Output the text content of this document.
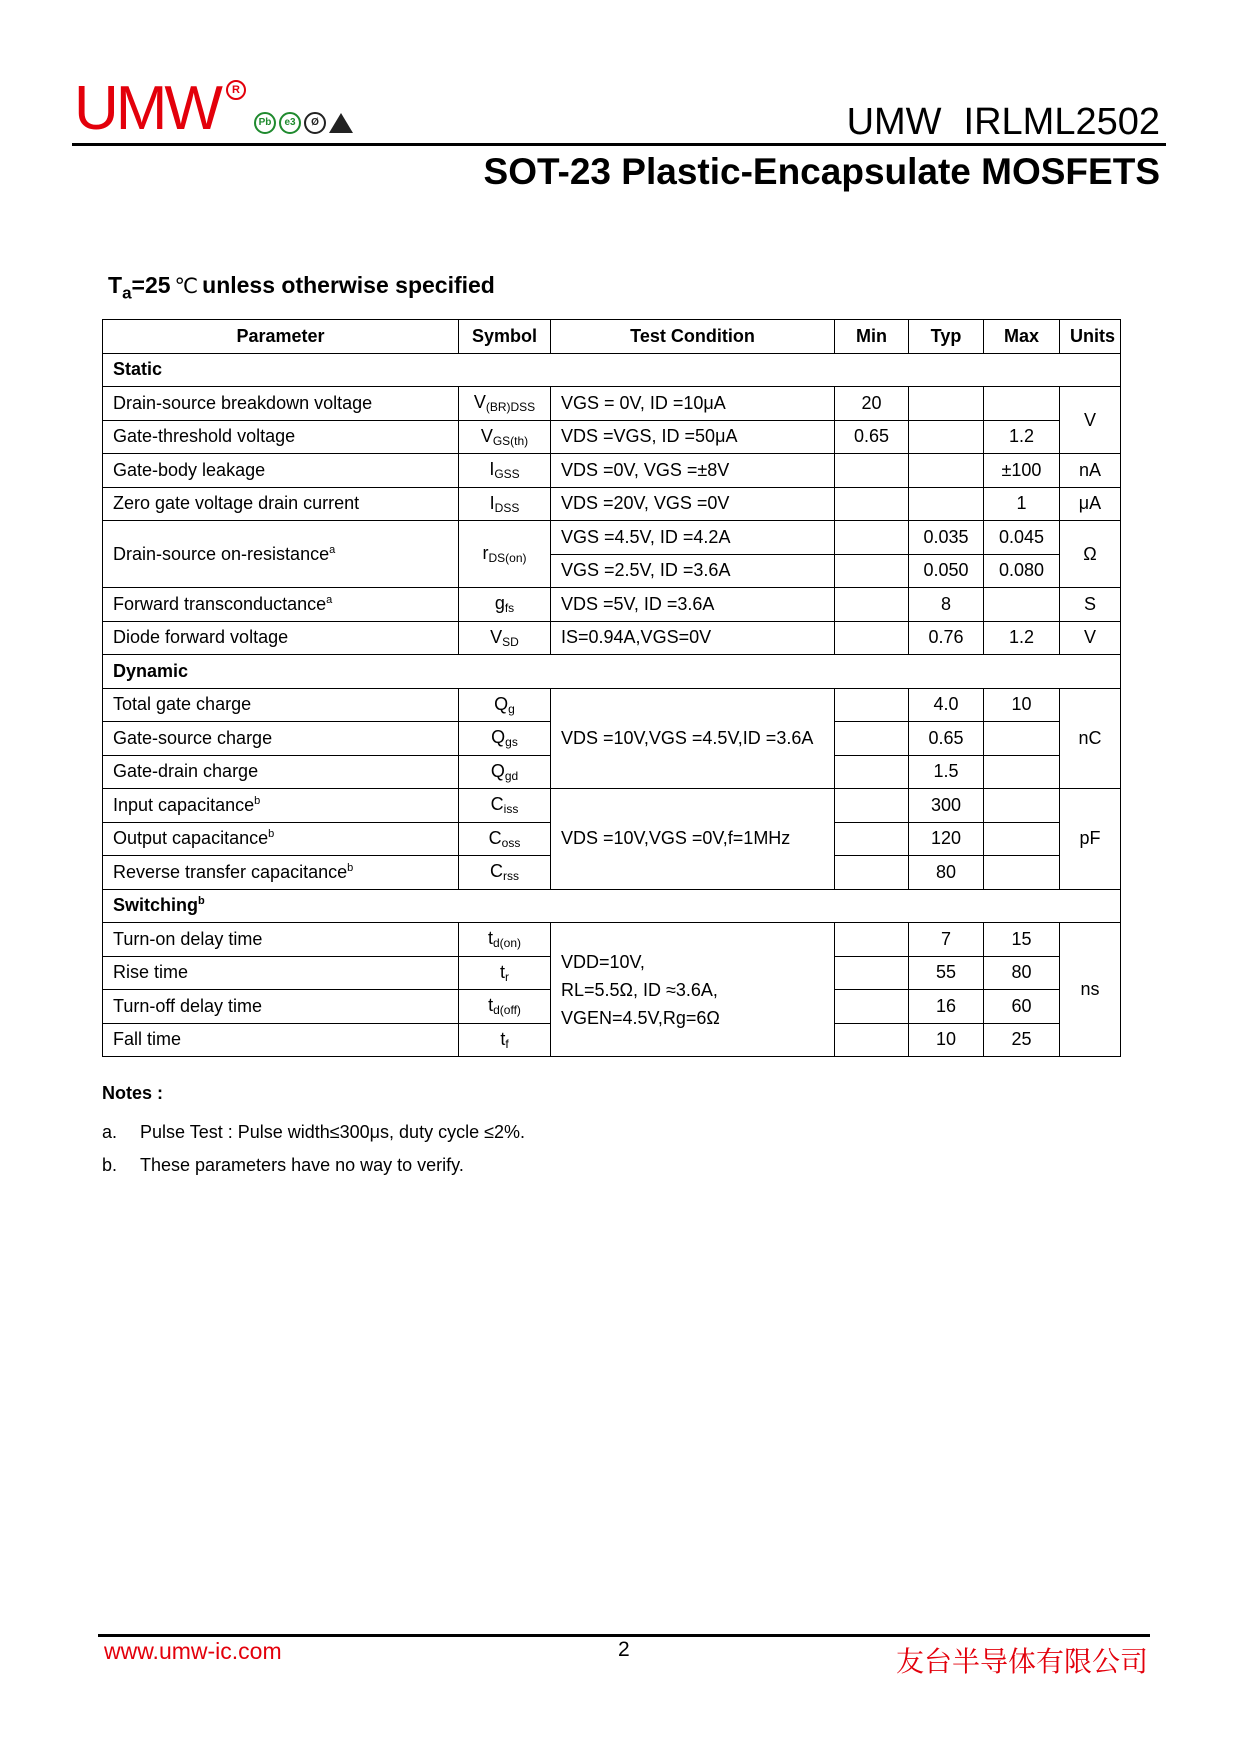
UMW	R
Pb e3 Ø	UMW IRLML2502
SOT-23 Plastic-Encapsulate MOSFETS
$T_a=25$ ℃ unless otherwise specified
Parameter	Symbol	Test Condition	Min	Typ	Max	Units
Static						
Drain-source breakdown voltage	$V_{(BR)DSS}$	VGS = 0V, ID =10μA	20			V
Gate-threshold voltage	$V_{GS(th)}$	VDS =VGS, ID =50μA	0.65		1.2	
Gate-body leakage	$I_{GSS}$	VDS =0V, VGS =±8V			±100	nA
Zero gate voltage drain current	$I_{DSS}$	VDS =20V, VGS =0V			1	μA
Drain-source on-resistance$^a$	$r_{DS(on)}$	VGS =4.5V, ID =4.2A		0.035	0.045	Ω
		VGS =2.5V, ID =3.6A		0.050	0.080	
Forward transconductance$^a$	$g_{fs}$	VDS =5V, ID =3.6A		8		S
Diode forward voltage	$V_{SD}$	IS=0.94A,VGS=0V		0.76	1.2	V
Dynamic						
Total gate charge	$Q_g$	VDS =10V,VGS =4.5V,ID =3.6A		4.0	10	nC
Gate-source charge	$Q_{gs}$			0.65		
Gate-drain charge	$Q_{gd}$			1.5		
Input capacitance$^b$	$C_{iss}$	VDS =10V,VGS =0V,f=1MHz		300		pF
Output capacitance$^b$	$C_{oss}$			120		
Reverse transfer capacitance$^b$	$C_{rss}$			80		
Switching$^b$
Turn-on delay time	$t_{d(on)}$	VDD=10V,
RL=5.5Ω, ID ≈3.6A,
VGEN=4.5V,Rg=6Ω		7	15	ns
Rise time	$t_r$			55	80	
Turn-off delay time	$t_{d(off)}$			16	60	
Fall time	$t_f$			10	25	
Notes :
a.	Pulse Test : Pulse width≤300μs, duty cycle ≤2%.
b.	These parameters have no way to verify.
www.umw-ic.com	2	友台半导体有限公司
